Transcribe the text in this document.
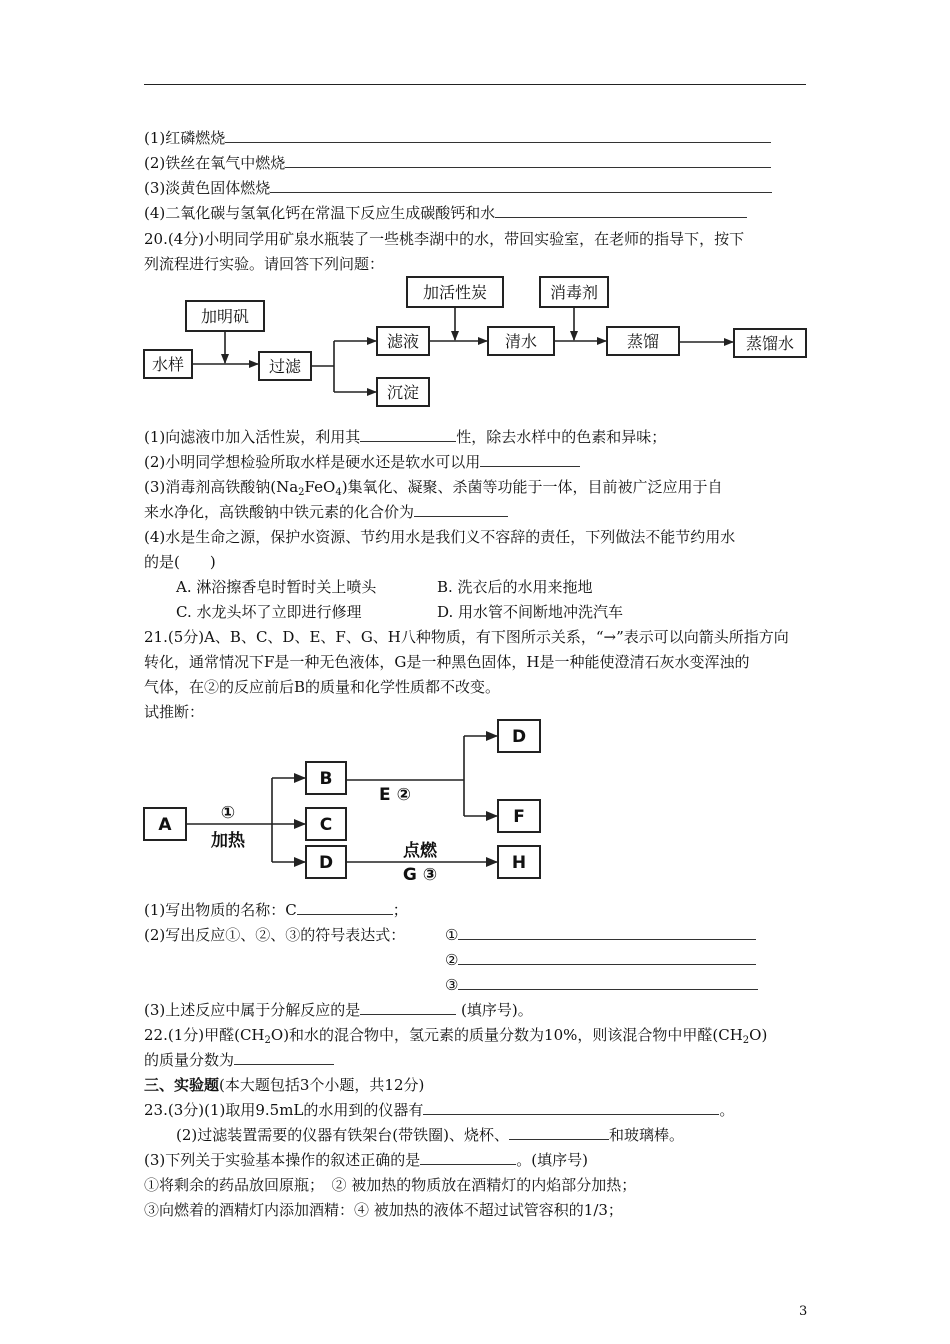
(1)红磷燃烧
(2)铁丝在氧气中燃烧
(3)淡黄色固体燃烧
(4)二氧化碳与氢氧化钙在常温下反应生成碳酸钙和水
20.(4分)小明同学用矿泉水瓶装了一些桃李湖中的水，带回实验室，在老师的指导下，按下
列流程进行实验。请回答下列问题：
水样
加明矾
过滤
滤液
沉淀
加活性炭
清水
消毒剂
蒸馏	蒸馏水
(1)向滤液巾加入活性炭，利用其	性，除去水样中的色素和异味；
(2)小明同学想检验所取水样是硬水还是软水可以用
(3)消毒剂高铁酸钠$(Na_2FeO_4)$集氧化、凝聚、杀菌等功能于一体，目前被广泛应用于自
来水净化，高铁酸钠中铁元素的化合价为
(4)水是生命之源，保护水资源、节约用水是我们义不容辞的责任，下列做法不能节约用水
的是(　　)
A. 淋浴擦香皂时暂时关上喷头	B. 洗衣后的水用来拖地
C. 水龙头坏了立即进行修理	D. 用水管不间断地冲洗汽车
21.(5分)A、B、C、D、E、F、G、H八种物质，有下图所示关系，“→”表示可以向箭头所指方向
转化，通常情况下F是一种无色液体，G是一种黑色固体，H是一种能使澄清石灰水变浑浊的
气体，在②的反应前后B的质量和化学性质都不改变。
试推断：
A
B
C
D
D
F
H
①
加热
E ②
点燃
G ③
(1)写出物质的名称：C	；
(2)写出反应①、②、③的符号表达式：	①
②
③
(3)上述反应中属于分解反应的是	(填序号)。
22.(1分)甲醛$(CH_2O)$和水的混合物中，氢元素的质量分数为10%，则该混合物中甲醛$(CH_2O)$
的质量分数为
三、实验题(本大题包括3个小题，共12分)
23.(3分)(1)取用9.5mL的水用到的仪器有	。
(2)过滤装置需要的仪器有铁架台(带铁圈)、烧杯、	和玻璃棒。
(3)下列关于实验基本操作的叙述正确的是	。(填序号)
①将剩余的药品放回原瓶；　② 被加热的物质放在酒精灯的内焰部分加热；
③向燃着的酒精灯内添加酒精：④ 被加热的液体不超过试管容积的1/3；
3
